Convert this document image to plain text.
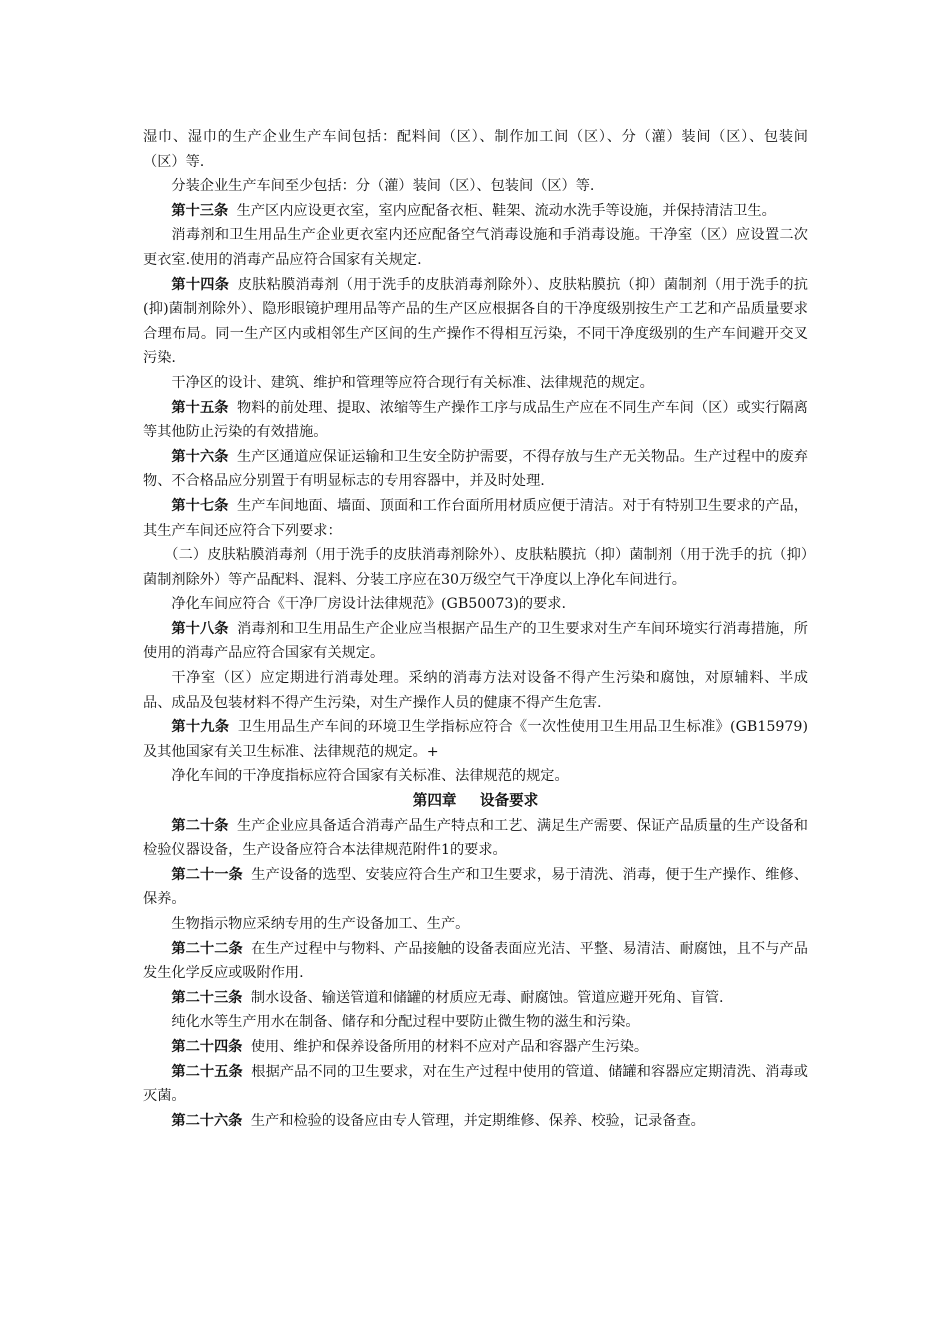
湿巾、湿巾的生产企业生产车间包括：配料间（区）、制作加工间（区）、分（灌）装间（区）、包装间（区）等.

分装企业生产车间至少包括：分（灌）装间（区）、包装间（区）等.

第十三条 生产区内应设更衣室，室内应配备衣柜、鞋架、流动水洗手等设施，并保持清洁卫生。

消毒剂和卫生用品生产企业更衣室内还应配备空气消毒设施和手消毒设施。干净室（区）应设置二次更衣室.使用的消毒产品应符合国家有关规定.

第十四条 皮肤粘膜消毒剂（用于洗手的皮肤消毒剂除外）、皮肤粘膜抗（抑）菌制剂（用于洗手的抗(抑)菌制剂除外）、隐形眼镜护理用品等产品的生产区应根据各自的干净度级别按生产工艺和产品质量要求合理布局。同一生产区内或相邻生产区间的生产操作不得相互污染，不同干净度级别的生产车间避开交叉污染.

干净区的设计、建筑、维护和管理等应符合现行有关标准、法律规范的规定。

第十五条 物料的前处理、提取、浓缩等生产操作工序与成品生产应在不同生产车间（区）或实行隔离等其他防止污染的有效措施。

第十六条 生产区通道应保证运输和卫生安全防护需要，不得存放与生产无关物品。生产过程中的废弃物、不合格品应分别置于有明显标志的专用容器中，并及时处理.

第十七条 生产车间地面、墙面、顶面和工作台面所用材质应便于清洁。对于有特别卫生要求的产品，其生产车间还应符合下列要求：

（二）皮肤粘膜消毒剂（用于洗手的皮肤消毒剂除外）、皮肤粘膜抗（抑）菌制剂（用于洗手的抗（抑）菌制剂除外）等产品配料、混料、分装工序应在30万级空气干净度以上净化车间进行。

净化车间应符合《干净厂房设计法律规范》(GB50073)的要求.

第十八条 消毒剂和卫生用品生产企业应当根据产品生产的卫生要求对生产车间环境实行消毒措施，所使用的消毒产品应符合国家有关规定。

干净室（区）应定期进行消毒处理。采纳的消毒方法对设备不得产生污染和腐蚀，对原辅料、半成品、成品及包装材料不得产生污染，对生产操作人员的健康不得产生危害.

第十九条 卫生用品生产车间的环境卫生学指标应符合《一次性使用卫生用品卫生标准》(GB15979)及其他国家有关卫生标准、法律规范的规定。+

净化车间的干净度指标应符合国家有关标准、法律规范的规定。

第四章 设备要求

第二十条 生产企业应具备适合消毒产品生产特点和工艺、满足生产需要、保证产品质量的生产设备和检验仪器设备，生产设备应符合本法律规范附件1的要求。

第二十一条 生产设备的选型、安装应符合生产和卫生要求，易于清洗、消毒，便于生产操作、维修、保养。

生物指示物应采纳专用的生产设备加工、生产。

第二十二条 在生产过程中与物料、产品接触的设备表面应光洁、平整、易清洁、耐腐蚀，且不与产品发生化学反应或吸附作用.

第二十三条 制水设备、输送管道和储罐的材质应无毒、耐腐蚀。管道应避开死角、盲管.

纯化水等生产用水在制备、储存和分配过程中要防止微生物的滋生和污染。

第二十四条 使用、维护和保养设备所用的材料不应对产品和容器产生污染。

第二十五条 根据产品不同的卫生要求，对在生产过程中使用的管道、储罐和容器应定期清洗、消毒或灭菌。

第二十六条 生产和检验的设备应由专人管理，并定期维修、保养、校验，记录备查。
